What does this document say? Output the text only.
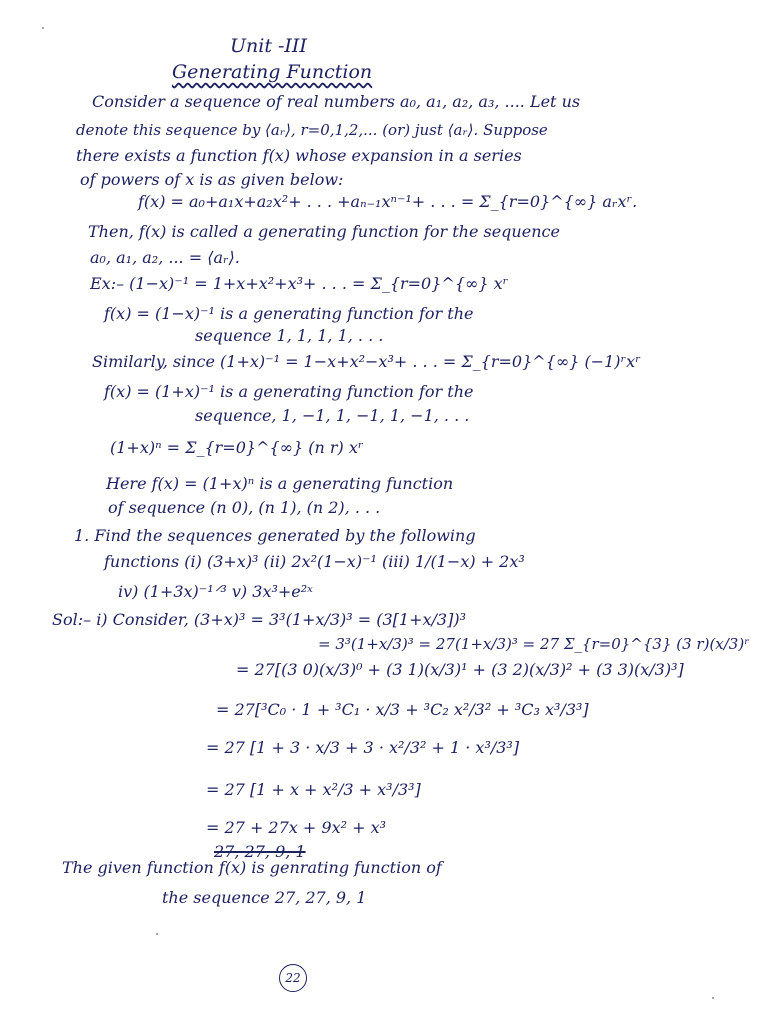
Unit -III
Generating Function
Consider a sequence of real numbers a₀, a₁, a₂, a₃, .... Let us
denote this sequence by ⟨aᵣ⟩, r=0,1,2,... (or) just ⟨aᵣ⟩. Suppose
there exists a function f(x) whose expansion in a series
of powers of x is as given below:
f(x) = a₀+a₁x+a₂x²+ . . . +aₙ₋₁xⁿ⁻¹+ . . . = Σ_{r=0}^{∞} aᵣxʳ.
Then, f(x) is called a generating function for the sequence
a₀, a₁, a₂, ... = ⟨aᵣ⟩.
Ex:– (1−x)⁻¹ = 1+x+x²+x³+ . . . = Σ_{r=0}^{∞} xʳ
f(x) = (1−x)⁻¹ is a generating function for the
sequence 1, 1, 1, 1, . . .
Similarly, since (1+x)⁻¹ = 1−x+x²−x³+ . . . = Σ_{r=0}^{∞} (−1)ʳxʳ
f(x) = (1+x)⁻¹ is a generating function for the
sequence, 1, −1, 1, −1, 1, −1, . . .
(1+x)ⁿ = Σ_{r=0}^{∞} (n r) xʳ
Here f(x) = (1+x)ⁿ is a generating function
of sequence (n 0), (n 1), (n 2), . . .
1. Find the sequences generated by the following
functions (i) (3+x)³ (ii) 2x²(1−x)⁻¹ (iii) 1/(1−x) + 2x³
iv) (1+3x)⁻¹ᐟ³ v) 3x³+e²ˣ
Sol:– i) Consider, (3+x)³ = 3³(1+x/3)³ = (3[1+x/3])³
= 3³(1+x/3)³ = 27(1+x/3)³ = 27 Σ_{r=0}^{3} (3 r)(x/3)ʳ
= 27[(3 0)(x/3)⁰ + (3 1)(x/3)¹ + (3 2)(x/3)² + (3 3)(x/3)³]
= 27[³C₀ · 1 + ³C₁ · x/3 + ³C₂ x²/3² + ³C₃ x³/3³]
= 27 [1 + 3 · x/3 + 3 · x²/3² + 1 · x³/3³]
= 27 [1 + x + x²/3 + x³/3³]
= 27 + 27x + 9x² + x³
27, 27, 9, 1
The given function f(x) is genrating function of
the sequence 27, 27, 9, 1
22
